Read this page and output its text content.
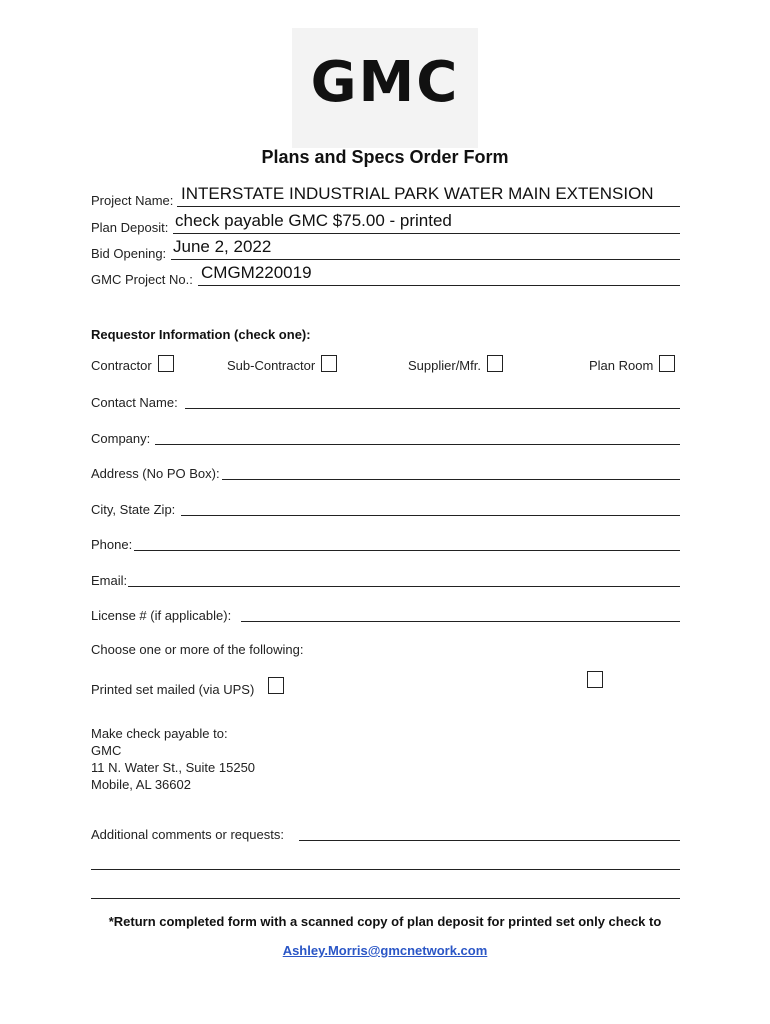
GMC
Plans and Specs Order Form
Project Name: INTERSTATE INDUSTRIAL PARK WATER MAIN EXTENSION
Plan Deposit: check payable GMC $75.00 - printed
Bid Opening: June 2, 2022
GMC Project No.: CMGM220019
Requestor Information (check one):
Contractor	Sub-Contractor	Supplier/Mfr.	Plan Room
Contact Name:
Company:
Address (No PO Box):
City, State Zip:
Phone:
Email:
License # (if applicable):
Choose one or more of the following:
Printed set mailed (via UPS)
Make check payable to:
GMC
11 N. Water St., Suite 15250
Mobile, AL 36602
Additional comments or requests:
*Return completed form with a scanned copy of plan deposit for printed set only check to
Ashley.Morris@gmcnetwork.com
